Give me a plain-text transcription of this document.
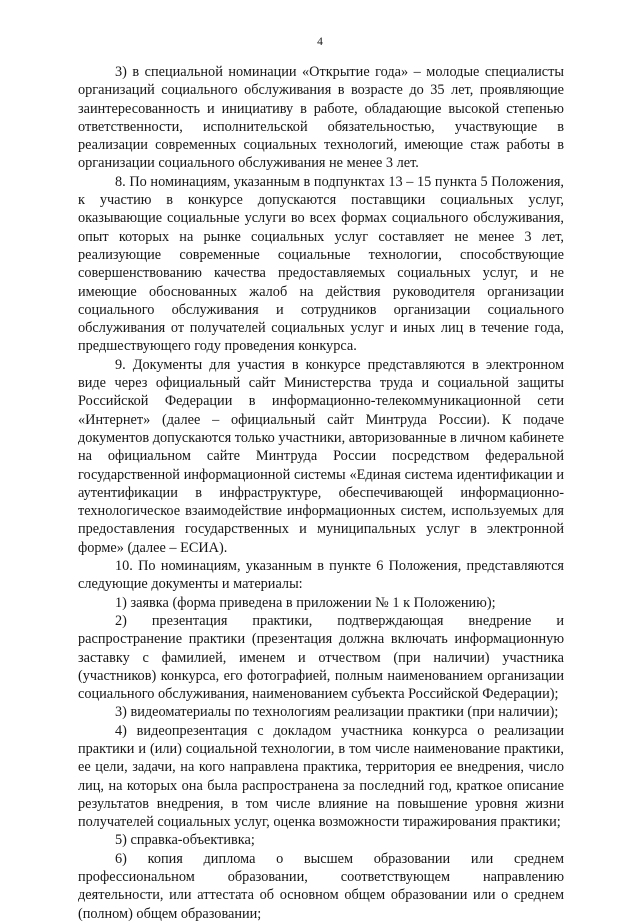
4

3) в специальной номинации «Открытие года» – молодые специалисты организаций социального обслуживания в возрасте до 35 лет, проявляющие заинтересованность и инициативу в работе, обладающие высокой степенью ответственности, исполнительской обязательностью, участвующие в реализации современных социальных технологий, имеющие стаж работы в организации социального обслуживания не менее 3 лет.

8. По номинациям, указанным в подпунктах 13 – 15 пункта 5 Положения, к участию в конкурсе допускаются поставщики социальных услуг, оказывающие социальные услуги во всех формах социального обслуживания, опыт которых на рынке социальных услуг составляет не менее 3 лет, реализующие современные социальные технологии, способствующие совершенствованию качества предоставляемых социальных услуг, и не имеющие обоснованных жалоб на действия руководителя организации социального обслуживания и сотрудников организации социального обслуживания от получателей социальных услуг и иных лиц в течение года, предшествующего году проведения конкурса.

9. Документы для участия в конкурсе представляются в электронном виде через официальный сайт Министерства труда и социальной защиты Российской Федерации в информационно-телекоммуникационной сети «Интернет» (далее – официальный сайт Минтруда России). К подаче документов допускаются только участники, авторизованные в личном кабинете на официальном сайте Минтруда России посредством федеральной государственной информационной системы «Единая система идентификации и аутентификации в инфраструктуре, обеспечивающей информационно-технологическое взаимодействие информационных систем, используемых для предоставления государственных и муниципальных услуг в электронной форме» (далее – ЕСИА).

10. По номинациям, указанным в пункте 6 Положения, представляются следующие документы и материалы:

1) заявка (форма приведена в приложении № 1 к Положению);

2) презентация практики, подтверждающая внедрение и распространение практики (презентация должна включать информационную заставку с фамилией, именем и отчеством (при наличии) участника (участников) конкурса, его фотографией, полным наименованием организации социального обслуживания, наименованием субъекта Российской Федерации);

3) видеоматериалы по технологиям реализации практики (при наличии);

4) видеопрезентация с докладом участника конкурса о реализации практики и (или) социальной технологии, в том числе наименование практики, ее цели, задачи, на кого направлена практика, территория ее внедрения, число лиц, на которых она была распространена за последний год, краткое описание результатов внедрения, в том числе влияние на повышение уровня жизни получателей социальных услуг, оценка возможности тиражирования практики;

5) справка-объективка;

6) копия диплома о высшем образовании или среднем профессиональном образовании, соответствующем направлению деятельности, или аттестата об основном общем образовании или о среднем (полном) общем образовании;
